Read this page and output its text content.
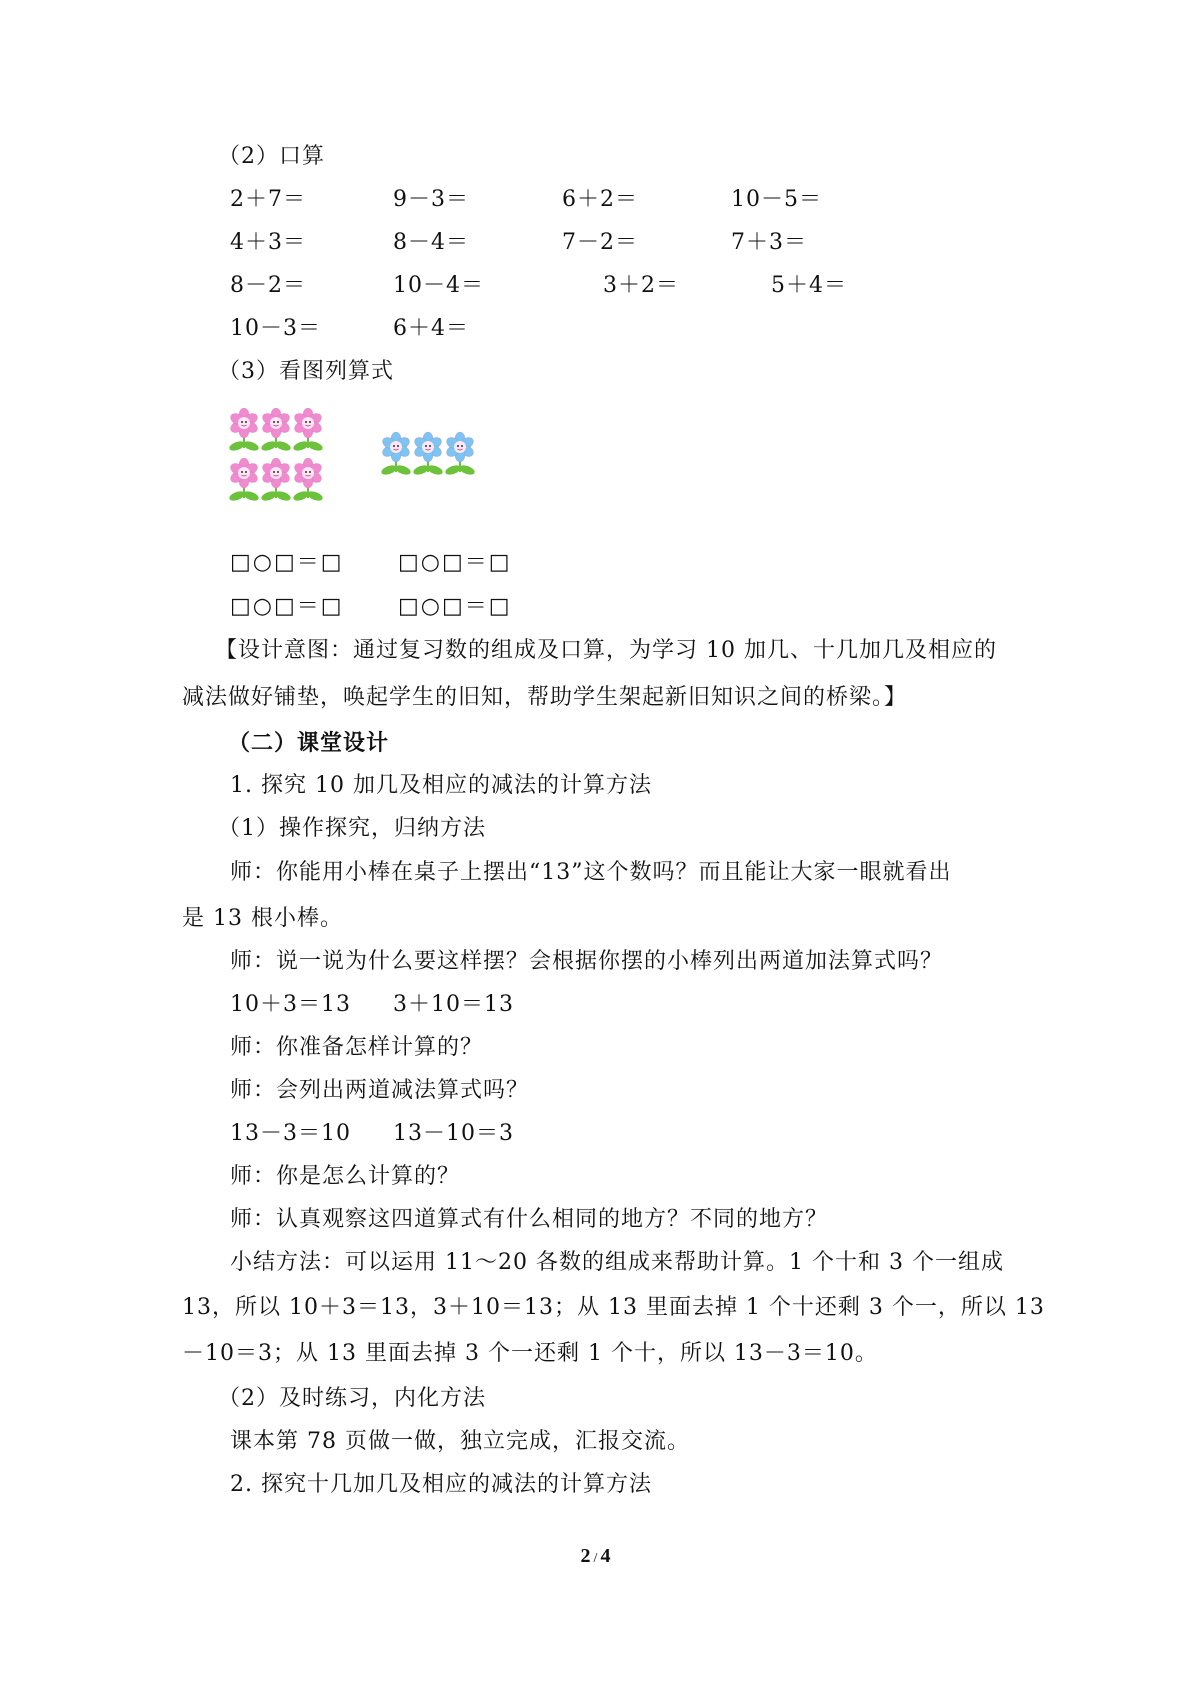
（2）口算
2＋7＝	9－3＝	6＋2＝	10－5＝
4＋3＝	8－4＝	7－2＝	7＋3＝
8－2＝	10－4＝	3＋2＝	5＋4＝
10－3＝	6＋4＝
（3）看图列算式
□○□＝□ □○□＝□
□○□＝□ □○□＝□
【设计意图：通过复习数的组成及口算，为学习 10 加几、十几加几及相应的
减法做好铺垫，唤起学生的旧知，帮助学生架起新旧知识之间的桥梁。】
（二）课堂设计
1. 探究 10 加几及相应的减法的计算方法
（1）操作探究，归纳方法
师：你能用小棒在桌子上摆出“13”这个数吗？而且能让大家一眼就看出
是 13 根小棒。
师：说一说为什么要这样摆？会根据你摆的小棒列出两道加法算式吗？
10＋3＝13 3＋10＝13
师：你准备怎样计算的？
师：会列出两道减法算式吗？
13－3＝10 13－10＝3
师：你是怎么计算的？
师：认真观察这四道算式有什么相同的地方？不同的地方？
小结方法：可以运用 11～20 各数的组成来帮助计算。1 个十和 3 个一组成
13，所以 10＋3＝13，3＋10＝13；从 13 里面去掉 1 个十还剩 3 个一，所以 13
－10＝3；从 13 里面去掉 3 个一还剩 1 个十，所以 13－3＝10。
（2）及时练习，内化方法
课本第 78 页做一做，独立完成，汇报交流。
2. 探究十几加几及相应的减法的计算方法
2 / 4
